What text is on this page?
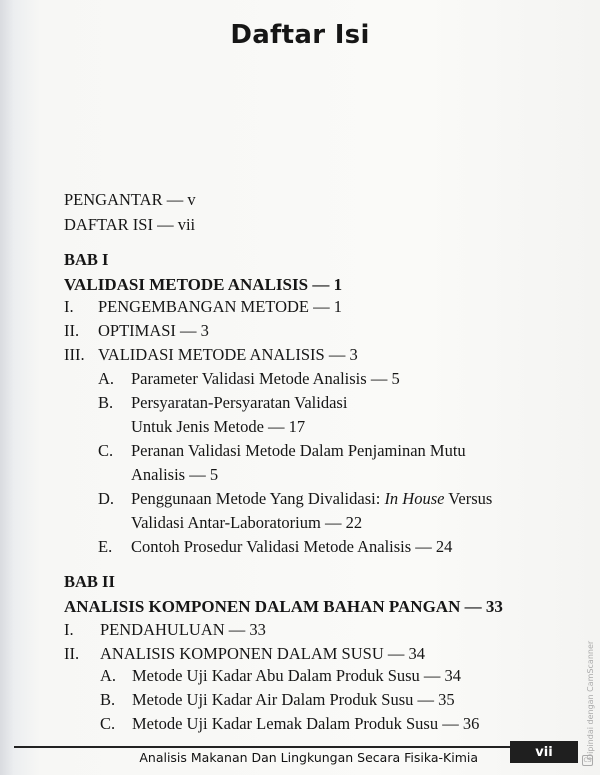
Daftar Isi
PENGANTAR — v
DAFTAR ISI — vii
BAB I
VALIDASI METODE ANALISIS — 1
I. PENGEMBANGAN METODE — 1
II. OPTIMASI — 3
III. VALIDASI METODE ANALISIS — 3
A. Parameter Validasi Metode Analisis — 5
B. Persyaratan-Persyaratan Validasi
Untuk Jenis Metode — 17
C. Peranan Validasi Metode Dalam Penjaminan Mutu
Analisis — 5
D. Penggunaan Metode Yang Divalidasi: In House Versus
Validasi Antar-Laboratorium — 22
E. Contoh Prosedur Validasi Metode Analisis — 24
BAB II
ANALISIS KOMPONEN DALAM BAHAN PANGAN — 33
I. PENDAHULUAN — 33
II. ANALISIS KOMPONEN DALAM SUSU — 34
A. Metode Uji Kadar Abu Dalam Produk Susu — 34
B. Metode Uji Kadar Air Dalam Produk Susu — 35
C. Metode Uji Kadar Lemak Dalam Produk Susu — 36
Analisis Makanan Dan Lingkungan Secara Fisika-Kimia	vii	Dipindai dengan CamScanner
CS
